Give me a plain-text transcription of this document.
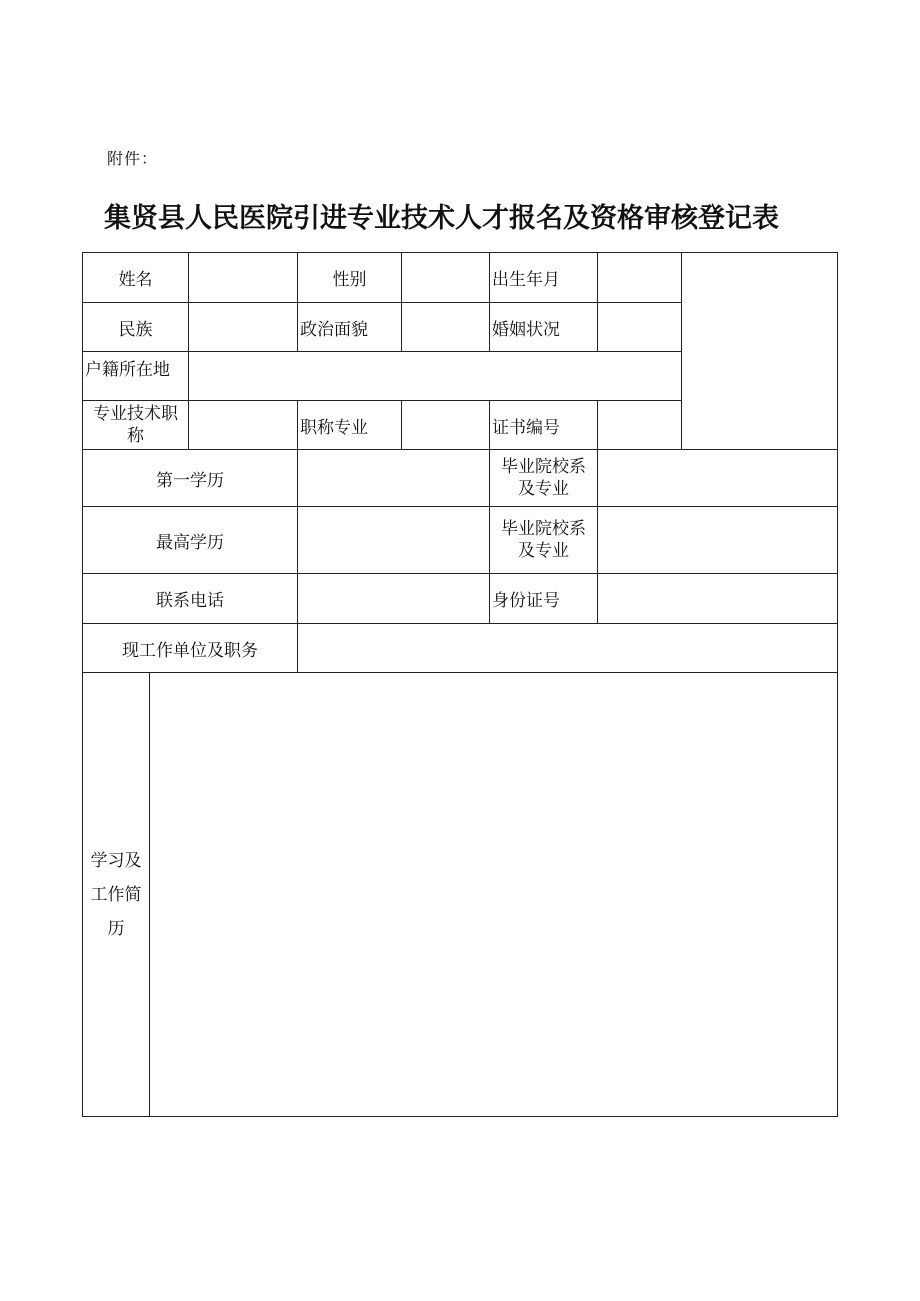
附件：
集贤县人民医院引进专业技术人才报名及资格审核登记表
姓名			性别		出生年月		
民族			政治面貌		婚姻状况		
户籍所在地							

专业技术职
称			职称专业		证书编号		
第一学历					毕业院校系
及专业		

最高学历					毕业院校系
及专业		

联系电话					身份证号		
现工作单位及职务							

学习及
工作简
历							
